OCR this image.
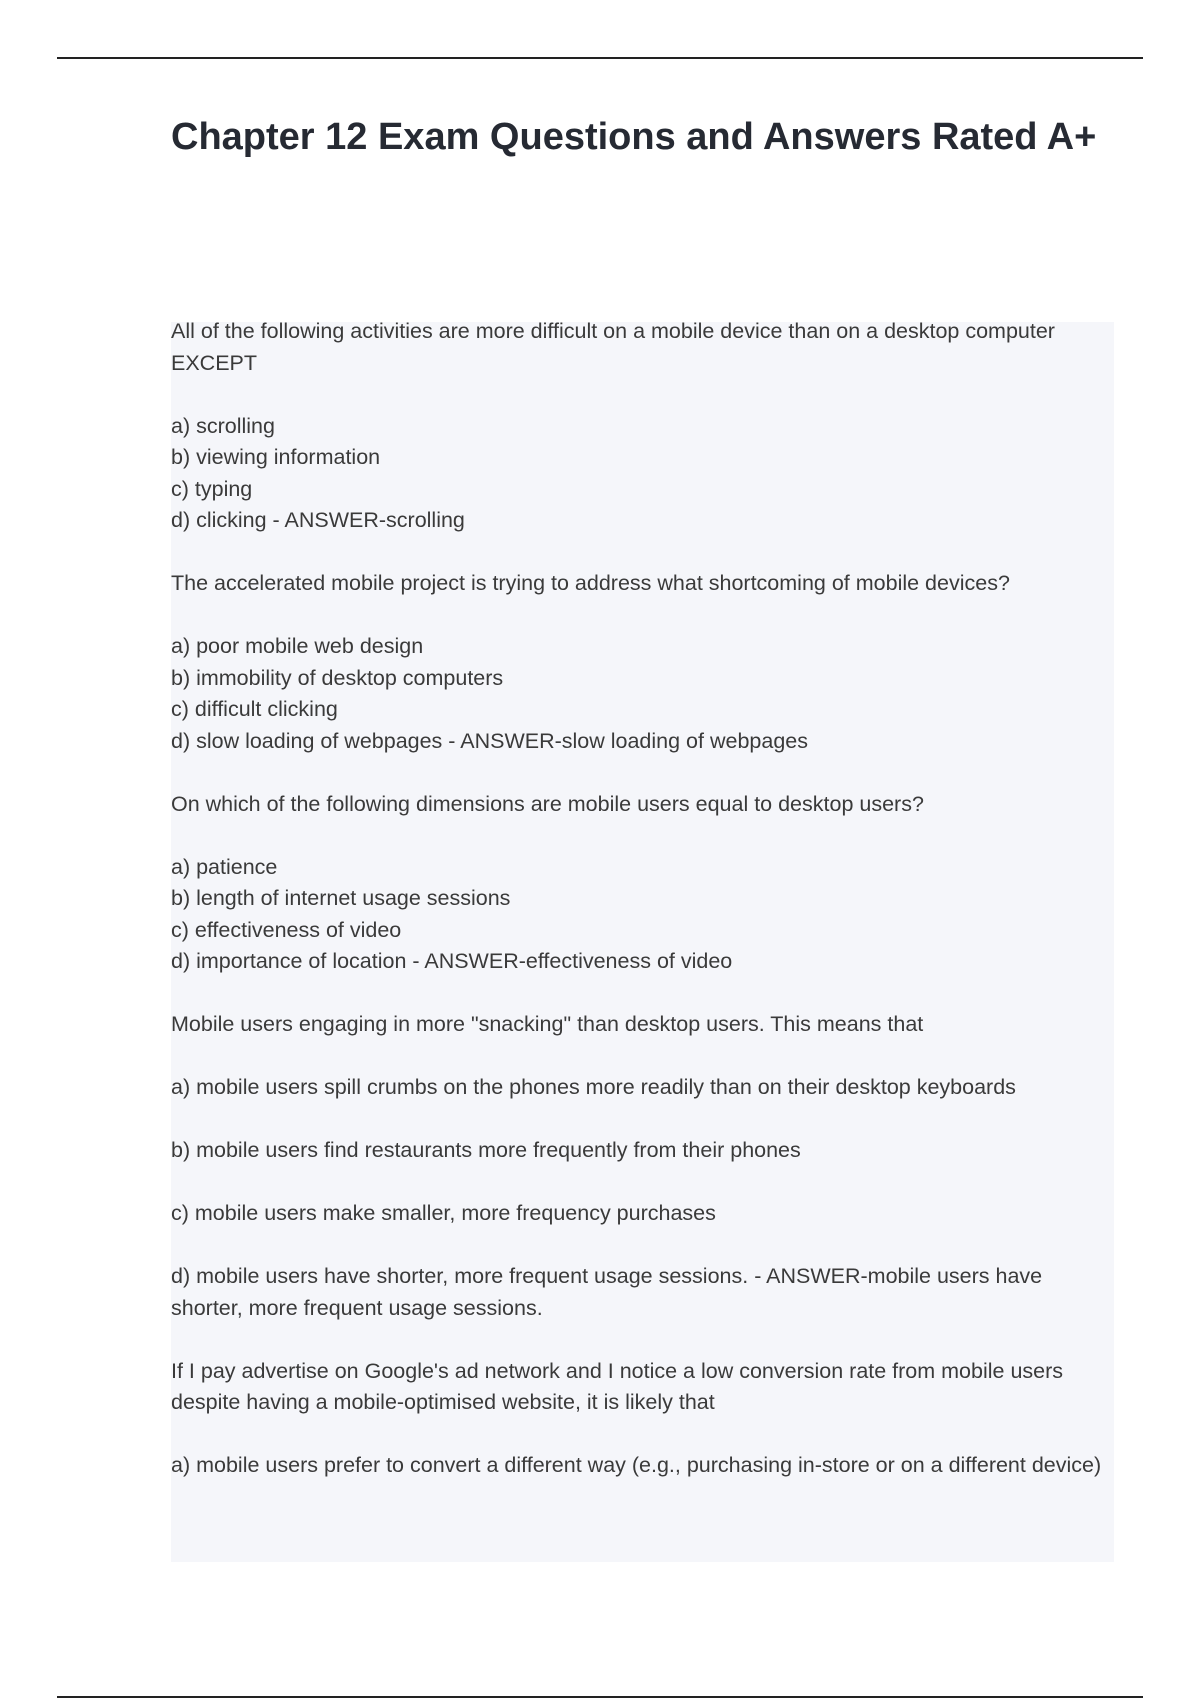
Chapter 12 Exam Questions and Answers Rated A+

All of the following activities are more difficult on a mobile device than on a desktop computer EXCEPT

a) scrolling
b) viewing information
c) typing
d) clicking - ANSWER-scrolling

The accelerated mobile project is trying to address what shortcoming of mobile devices?

a) poor mobile web design
b) immobility of desktop computers
c) difficult clicking
d) slow loading of webpages - ANSWER-slow loading of webpages

On which of the following dimensions are mobile users equal to desktop users?

a) patience
b) length of internet usage sessions
c) effectiveness of video
d) importance of location - ANSWER-effectiveness of video

Mobile users engaging in more "snacking" than desktop users. This means that

a) mobile users spill crumbs on the phones more readily than on their desktop keyboards

b) mobile users find restaurants more frequently from their phones

c) mobile users make smaller, more frequency purchases

d) mobile users have shorter, more frequent usage sessions. - ANSWER-mobile users have shorter, more frequent usage sessions.

If I pay advertise on Google's ad network and I notice a low conversion rate from mobile users despite having a mobile-optimised website, it is likely that

a) mobile users prefer to convert a different way (e.g., purchasing in-store or on a different device)
